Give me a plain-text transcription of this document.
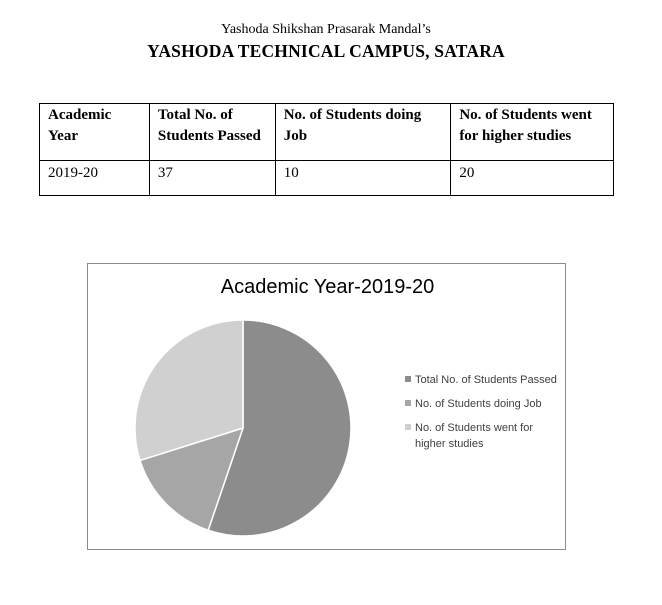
Yashoda Shikshan Prasarak Mandal’s
YASHODA TECHNICAL CAMPUS, SATARA
Academic Year	Total No. of Students Passed	No. of Students doing Job	No. of Students went for higher studies
2019-20	37	10	20
Academic Year-2019-20
Total No. of Students Passed
No. of Students doing Job
No. of Students went for higher studies
